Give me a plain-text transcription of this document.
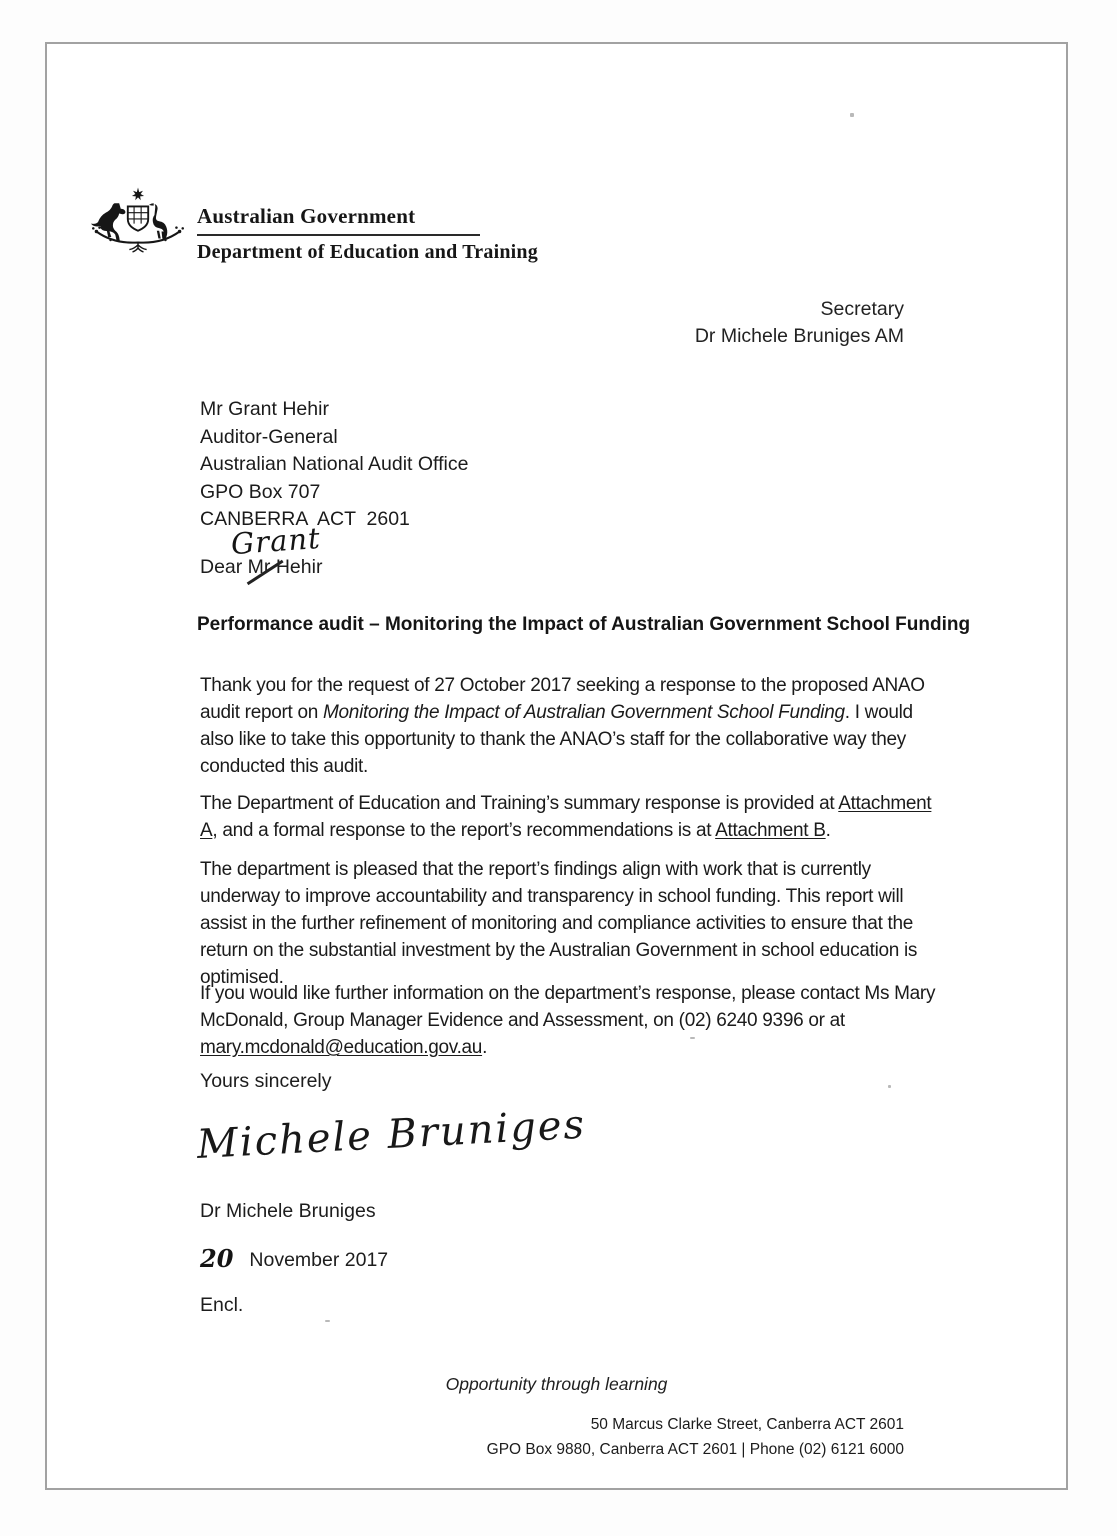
Australian Government
Department of Education and Training
Secretary
Dr Michele Bruniges AM
Mr Grant Hehir
Auditor-General
Australian National Audit Office
GPO Box 707
CANBERRA  ACT  2601
Grant
Dear Mr Hehir
Performance audit – Monitoring the Impact of Australian Government School Funding
Thank you for the request of 27 October 2017 seeking a response to the proposed ANAO audit report on Monitoring the Impact of Australian Government School Funding. I would also like to take this opportunity to thank the ANAO’s staff for the collaborative way they conducted this audit.
The Department of Education and Training’s summary response is provided at Attachment A, and a formal response to the report’s recommendations is at Attachment B.
The department is pleased that the report’s findings align with work that is currently underway to improve accountability and transparency in school funding. This report will assist in the further refinement of monitoring and compliance activities to ensure that the return on the substantial investment by the Australian Government in school education is optimised.
If you would like further information on the department’s response, please contact Ms Mary McDonald, Group Manager Evidence and Assessment, on (02) 6240 9396 or at mary.mcdonald@education.gov.au.
Yours sincerely
Michele Bruniges
Dr Michele Bruniges
20 November 2017
Encl.
Opportunity through learning
50 Marcus Clarke Street, Canberra ACT 2601
GPO Box 9880, Canberra ACT 2601 | Phone (02) 6121 6000
